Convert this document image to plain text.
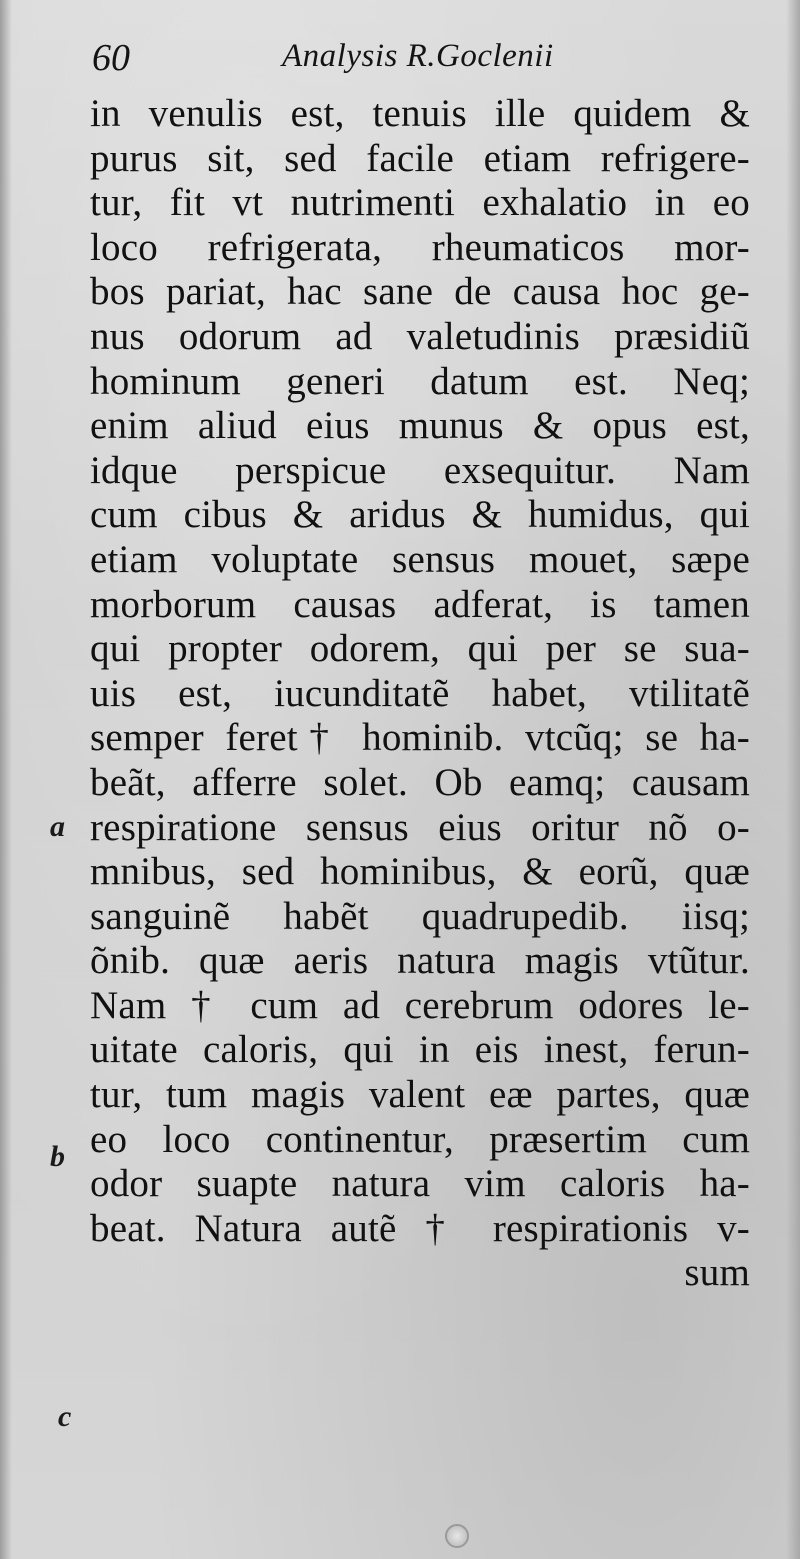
60	Analysis R.Goclenii
a
b
c
in venulis est, tenuis ille quidem &
purus sit, sed facile etiam refrigere-
tur, fit vt nutrimenti exhalatio in eo
loco refrigerata, rheumaticos mor-
bos pariat, hac sane de causa hoc ge-
nus odorum ad valetudinis præsidiũ
hominum generi datum est. Neq;
enim aliud eius munus & opus est,
idque perspicue exsequitur. Nam
cum cibus & aridus & humidus, qui
etiam voluptate sensus mouet, sæpe
morborum causas adferat, is tamen
qui propter odorem, qui per se sua-
uis est, iucunditatẽ habet, vtilitatẽ
semper feret† hominib. vtcũq; se ha-
beãt, afferre solet. Ob eamq; causam
respiratione sensus eius oritur nõ o-
mnibus, sed hominibus, & eorũ, quæ
sanguinẽ habẽt quadrupedib. iisq;
õnib. quæ aeris natura magis vtũtur.
Nam † cum ad cerebrum odores le-
uitate caloris, qui in eis inest, ferun-
tur, tum magis valent eæ partes, quæ
eo loco continentur, præsertim cum
odor suapte natura vim caloris ha-
beat. Natura autẽ † respirationis v-
sum
